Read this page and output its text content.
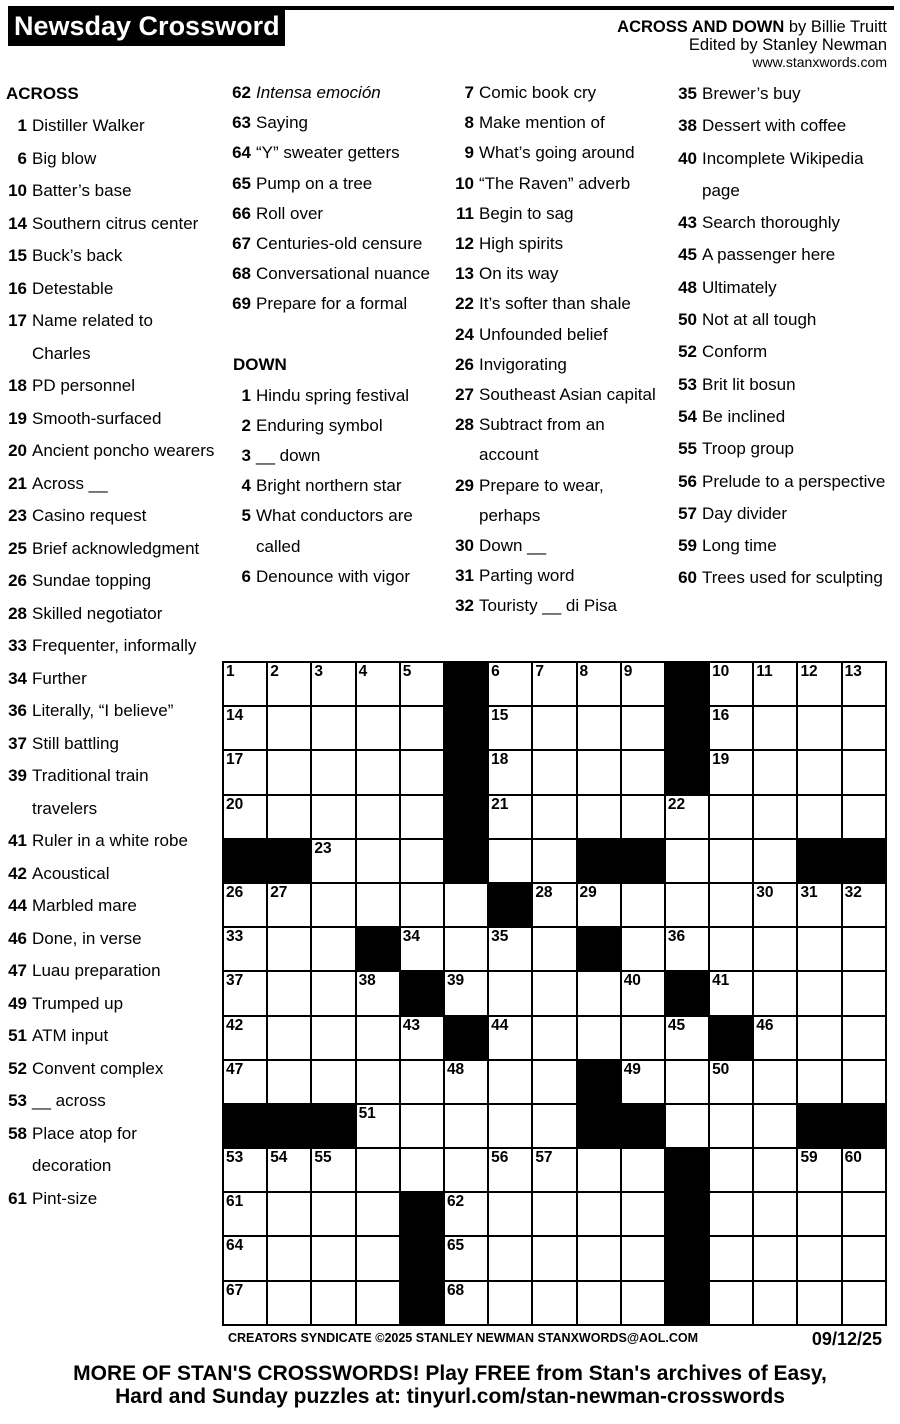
Newsday Crossword	ACROSS AND DOWN by Billie Truitt
Edited by Stanley Newman
www.stanxwords.com
ACROSS
1 Distiller Walker
6 Big blow
10 Batter’s base
14 Southern citrus center
15 Buck’s back
16 Detestable
17 Name related to Charles
18 PD personnel
19 Smooth-surfaced
20 Ancient poncho wearers
21 Across __
23 Casino request
25 Brief acknowledgment
26 Sundae topping
28 Skilled negotiator
33 Frequenter, informally
34 Further
36 Literally, “I believe”
37 Still battling
39 Traditional train travelers
41 Ruler in a white robe
42 Acoustical
44 Marbled mare
46 Done, in verse
47 Luau preparation
49 Trumped up
51 ATM input
52 Convent complex
53 __ across
58 Place atop for decoration
61 Pint-size
62 Intensa emoción
63 Saying
64 “Y” sweater getters
65 Pump on a tree
66 Roll over
67 Centuries-old censure
68 Conversational nuance
69 Prepare for a formal
DOWN
1 Hindu spring festival
2 Enduring symbol
3 __ down
4 Bright northern star
5 What conductors are called
6 Denounce with vigor
7 Comic book cry
8 Make mention of
9 What’s going around
10 “The Raven” adverb
11 Begin to sag
12 High spirits
13 On its way
22 It’s softer than shale
24 Unfounded belief
26 Invigorating
27 Southeast Asian capital
28 Subtract from an account
29 Prepare to wear, perhaps
30 Down __
31 Parting word
32 Touristy __ di Pisa
35 Brewer’s buy
38 Dessert with coffee
40 Incomplete Wikipedia page
43 Search thoroughly
45 A passenger here
48 Ultimately
50 Not at all tough
52 Conform
53 Brit lit bosun
54 Be inclined
55 Troop group
56 Prelude to a perspective
57 Day divider
59 Long time
60 Trees used for sculpting
1 2 3 4 5	6 7 8 9	10 11 12 13
14	15	16
17	18	19
20	21	22
23	24	25
26 27	28 29	30 31 32
33	34	35	36
37	38	39	40	41
42	43	44	45	46
47	48	49	50
51	52
53 54 55	56 57	58	59 60
61	62	63
64	65	66
67	68	69
CREATORS SYNDICATE ©2025 STANLEY NEWMAN STANXWORDS@AOL.COM	09/12/25
MORE OF STAN'S CROSSWORDS! Play FREE from Stan's archives of Easy,
Hard and Sunday puzzles at: tinyurl.com/stan-newman-crosswords
